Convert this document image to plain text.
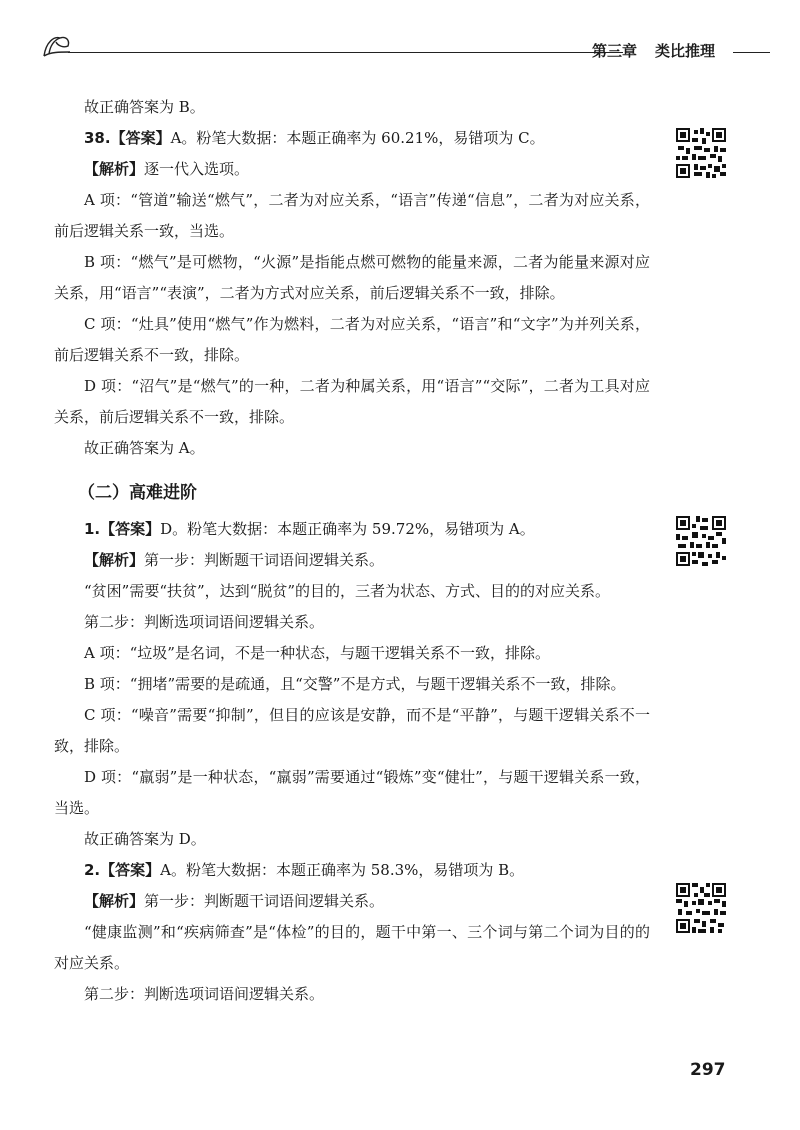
第三章 类比推理

故正确答案为 B。

38.【答案】A。粉笔大数据：本题正确率为 60.21%，易错项为 C。

【解析】逐一代入选项。

A 项：“管道”输送“燃气”，二者为对应关系，“语言”传递“信息”，二者为对应关系，前后逻辑关系一致，当选。

B 项：“燃气”是可燃物，“火源”是指能点燃可燃物的能量来源，二者为能量来源对应关系，用“语言”“表演”，二者为方式对应关系，前后逻辑关系不一致，排除。

C 项：“灶具”使用“燃气”作为燃料，二者为对应关系，“语言”和“文字”为并列关系，前后逻辑关系不一致，排除。

D 项：“沼气”是“燃气”的一种，二者为种属关系，用“语言”“交际”，二者为工具对应关系，前后逻辑关系不一致，排除。

故正确答案为 A。

（二）高难进阶

1.【答案】D。粉笔大数据：本题正确率为 59.72%，易错项为 A。

【解析】第一步：判断题干词语间逻辑关系。

“贫困”需要“扶贫”，达到“脱贫”的目的，三者为状态、方式、目的的对应关系。

第二步：判断选项词语间逻辑关系。

A 项：“垃圾”是名词，不是一种状态，与题干逻辑关系不一致，排除。

B 项：“拥堵”需要的是疏通，且“交警”不是方式，与题干逻辑关系不一致，排除。

C 项：“噪音”需要“抑制”，但目的应该是安静，而不是“平静”，与题干逻辑关系不一致，排除。

D 项：“羸弱”是一种状态，“羸弱”需要通过“锻炼”变“健壮”，与题干逻辑关系一致，当选。

故正确答案为 D。

2.【答案】A。粉笔大数据：本题正确率为 58.3%，易错项为 B。

【解析】第一步：判断题干词语间逻辑关系。

“健康监测”和“疾病筛查”是“体检”的目的，题干中第一、三个词与第二个词为目的的对应关系。

第二步：判断选项词语间逻辑关系。

297
